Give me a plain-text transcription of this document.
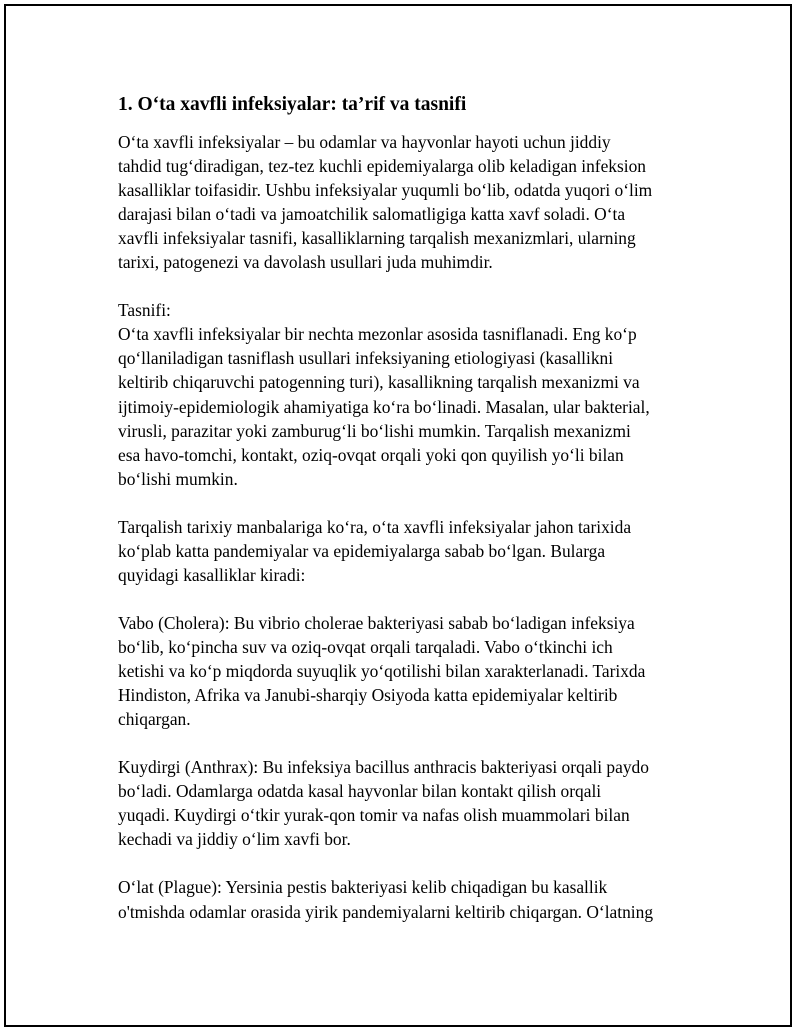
1. O‘ta xavfli infeksiyalar: ta’rif va tasnifi
O‘ta xavfli infeksiyalar – bu odamlar va hayvonlar hayoti uchun jiddiy
tahdid tug‘diradigan, tez-tez kuchli epidemiyalarga olib keladigan infeksion
kasalliklar toifasidir. Ushbu infeksiyalar yuqumli bo‘lib, odatda yuqori o‘lim
darajasi bilan o‘tadi va jamoatchilik salomatligiga katta xavf soladi. O‘ta
xavfli infeksiyalar tasnifi, kasalliklarning tarqalish mexanizmlari, ularning
tarixi, patogenezi va davolash usullari juda muhimdir.
Tasnifi:
O‘ta xavfli infeksiyalar bir nechta mezonlar asosida tasniflanadi. Eng ko‘p
qo‘llaniladigan tasniflash usullari infeksiyaning etiologiyasi (kasallikni
keltirib chiqaruvchi patogenning turi), kasallikning tarqalish mexanizmi va
ijtimoiy-epidemiologik ahamiyatiga ko‘ra bo‘linadi. Masalan, ular bakterial,
virusli, parazitar yoki zamburug‘li bo‘lishi mumkin. Tarqalish mexanizmi
esa havo-tomchi, kontakt, oziq-ovqat orqali yoki qon quyilish yo‘li bilan
bo‘lishi mumkin.
Tarqalish tarixiy manbalariga ko‘ra, o‘ta xavfli infeksiyalar jahon tarixida
ko‘plab katta pandemiyalar va epidemiyalarga sabab bo‘lgan. Bularga
quyidagi kasalliklar kiradi:
Vabo (Cholera): Bu vibrio cholerae bakteriyasi sabab bo‘ladigan infeksiya
bo‘lib, ko‘pincha suv va oziq-ovqat orqali tarqaladi. Vabo o‘tkinchi ich
ketishi va ko‘p miqdorda suyuqlik yo‘qotilishi bilan xarakterlanadi. Tarixda
Hindiston, Afrika va Janubi-sharqiy Osiyoda katta epidemiyalar keltirib
chiqargan.
Kuydirgi (Anthrax): Bu infeksiya bacillus anthracis bakteriyasi orqali paydo
bo‘ladi. Odamlarga odatda kasal hayvonlar bilan kontakt qilish orqali
yuqadi. Kuydirgi o‘tkir yurak-qon tomir va nafas olish muammolari bilan
kechadi va jiddiy o‘lim xavfi bor.
O‘lat (Plague): Yersinia pestis bakteriyasi kelib chiqadigan bu kasallik
o'tmishda odamlar orasida yirik pandemiyalarni keltirib chiqargan. O‘latning
